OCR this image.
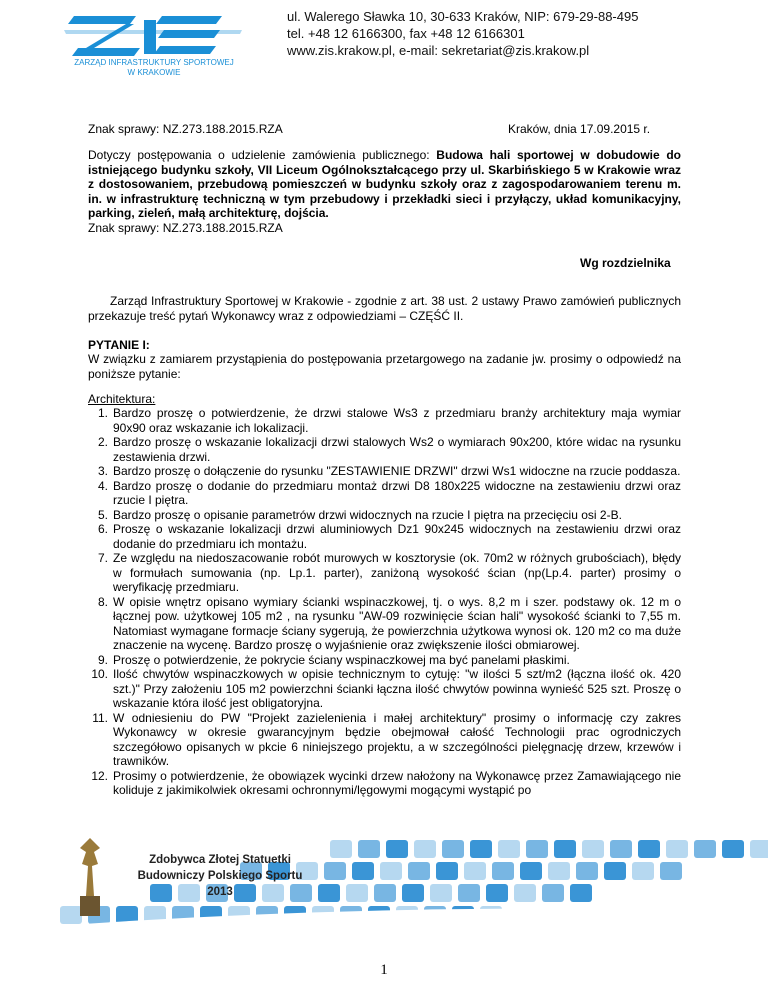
ZARZĄD INFRASTRUKTURY SPORTOWEJ
W KRAKOWIE
ul. Walerego Sławka 10, 30-633 Kraków, NIP: 679-29-88-495
tel. +48 12 6166300, fax +48 12 6166301
www.zis.krakow.pl, e-mail: sekretariat@zis.krakow.pl
Znak sprawy: NZ.273.188.2015.RZA	Kraków, dnia 17.09.2015 r.
Dotyczy postępowania o udzielenie zamówienia publicznego: Budowa hali sportowej w dobudowie do istniejącego budynku szkoły, VII Liceum Ogólnokształcącego przy ul. Skarbińskiego 5 w Krakowie wraz z dostosowaniem, przebudową pomieszczeń w budynku szkoły oraz z zagospodarowaniem terenu m. in. w infrastrukturę techniczną w tym przebudowy i przekładki sieci i przyłączy, układ komunikacyjny, parking, zieleń, małą architekturę, dojścia.
Znak sprawy: NZ.273.188.2015.RZA
Wg rozdzielnika
Zarząd Infrastruktury Sportowej w Krakowie - zgodnie z art. 38 ust. 2 ustawy Prawo zamówień publicznych przekazuje treść pytań Wykonawcy wraz z odpowiedziami – CZĘŚĆ II.
PYTANIE I:
W związku z zamiarem przystąpienia do postępowania przetargowego na zadanie jw. prosimy o odpowiedź na poniższe pytanie:
Architektura:
1. Bardzo proszę o potwierdzenie, że drzwi stalowe Ws3 z przedmiaru branży architektury maja wymiar 90x90 oraz wskazanie ich lokalizacji.
2. Bardzo proszę o wskazanie lokalizacji drzwi stalowych Ws2 o wymiarach 90x200, które widac na rysunku zestawienia drzwi.
3. Bardzo proszę o dołączenie do rysunku "ZESTAWIENIE DRZWI" drzwi Ws1 widoczne na rzucie poddasza.
4. Bardzo proszę o dodanie do przedmiaru montaż drzwi D8 180x225 widoczne na zestawieniu drzwi oraz rzucie I piętra.
5. Bardzo proszę o opisanie parametrów drzwi widocznych na rzucie I piętra na przecięciu osi 2-B.
6. Proszę o wskazanie lokalizacji drzwi aluminiowych Dz1 90x245 widocznych na zestawieniu drzwi oraz dodanie do przedmiaru ich montażu.
7. Ze względu na niedoszacowanie robót murowych w kosztorysie (ok. 70m2 w różnych grubościach), błędy w formułach sumowania (np. Lp.1. parter), zaniżoną wysokość ścian (np(Lp.4. parter) prosimy o weryfikację przedmiaru.
8. W opisie wnętrz opisano wymiary ścianki wspinaczkowej, tj. o wys. 8,2 m i szer. podstawy ok. 12 m o łącznej pow. użytkowej 105 m2 , na rysunku "AW-09 rozwinięcie ścian hali" wysokość ścianki to 7,55 m. Natomiast wymagane formacje ściany sygerują, że powierzchnia użytkowa wynosi ok. 120 m2 co ma duże znaczenie na wycenę. Bardzo proszę o wyjaśnienie oraz zwiększenie ilości obmiarowej.
9. Proszę o potwierdzenie, że pokrycie ściany wspinaczkowej ma być panelami płaskimi.
10. Ilość chwytów wspinaczkowych w opisie technicznym to cytuję: "w ilości 5 szt/m2 (łączna ilość ok. 420 szt.)" Przy założeniu 105 m2 powierzchni ścianki łączna ilość chwytów powinna wynieść 525 szt. Proszę o wskazanie która ilość jest obligatoryjna.
11. W odniesieniu do PW "Projekt zazielenienia i małej architektury" prosimy o informację czy zakres Wykonawcy w okresie gwarancyjnym będzie obejmował całość Technologii prac ogrodniczych szczegółowo opisanych w pkcie 6 niniejszego projektu, a w szczególności pielęgnację drzew, krzewów i trawników.
12. Prosimy o potwierdzenie, że obowiązek wycinki drzew nałożony na Wykonawcę przez Zamawiającego nie koliduje z jakimikolwiek okresami ochronnymi/lęgowymi mogącymi wystąpić po
Zdobywca Złotej Statuetki
Budowniczy Polskiego Sportu
2013
1
